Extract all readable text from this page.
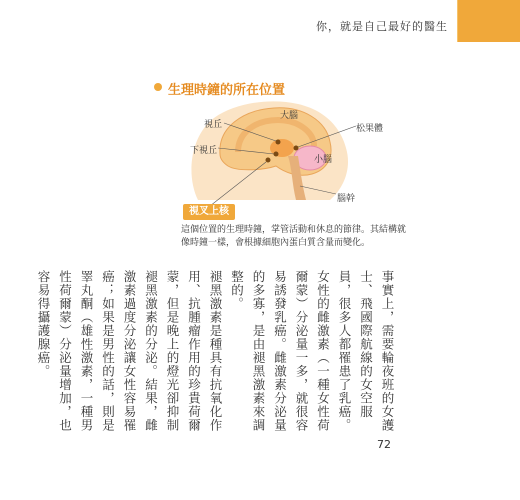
你，就是自己最好的醫生
生理時鐘的所在位置
大腦
視丘
下視丘
松果體
小腦
腦幹
視叉上核
這個位置的生理時鐘，掌管活動和休息的節律。其結構就像時鐘一樣，會根據細胞內蛋白質含量而變化。

事實上，需要輪夜班的女護士、飛國際航線的女空服員，很多人都罹患了乳癌。女性的雌激素（一種女性荷爾蒙）分泌量一多，就很容易誘發乳癌。雌激素分泌量的多寡，是由褪黑激素來調整的。

褪黑激素是種具有抗氧化作用、抗腫瘤作用的珍貴荷爾蒙，但是晚上的燈光卻抑制褪黑激素的分泌。結果，雌激素過度分泌讓女性容易罹癌；如果是男性的話，則是睪丸酮（雄性激素，一種男性荷爾蒙）分泌量增加，也容易得攝護腺癌。

72
